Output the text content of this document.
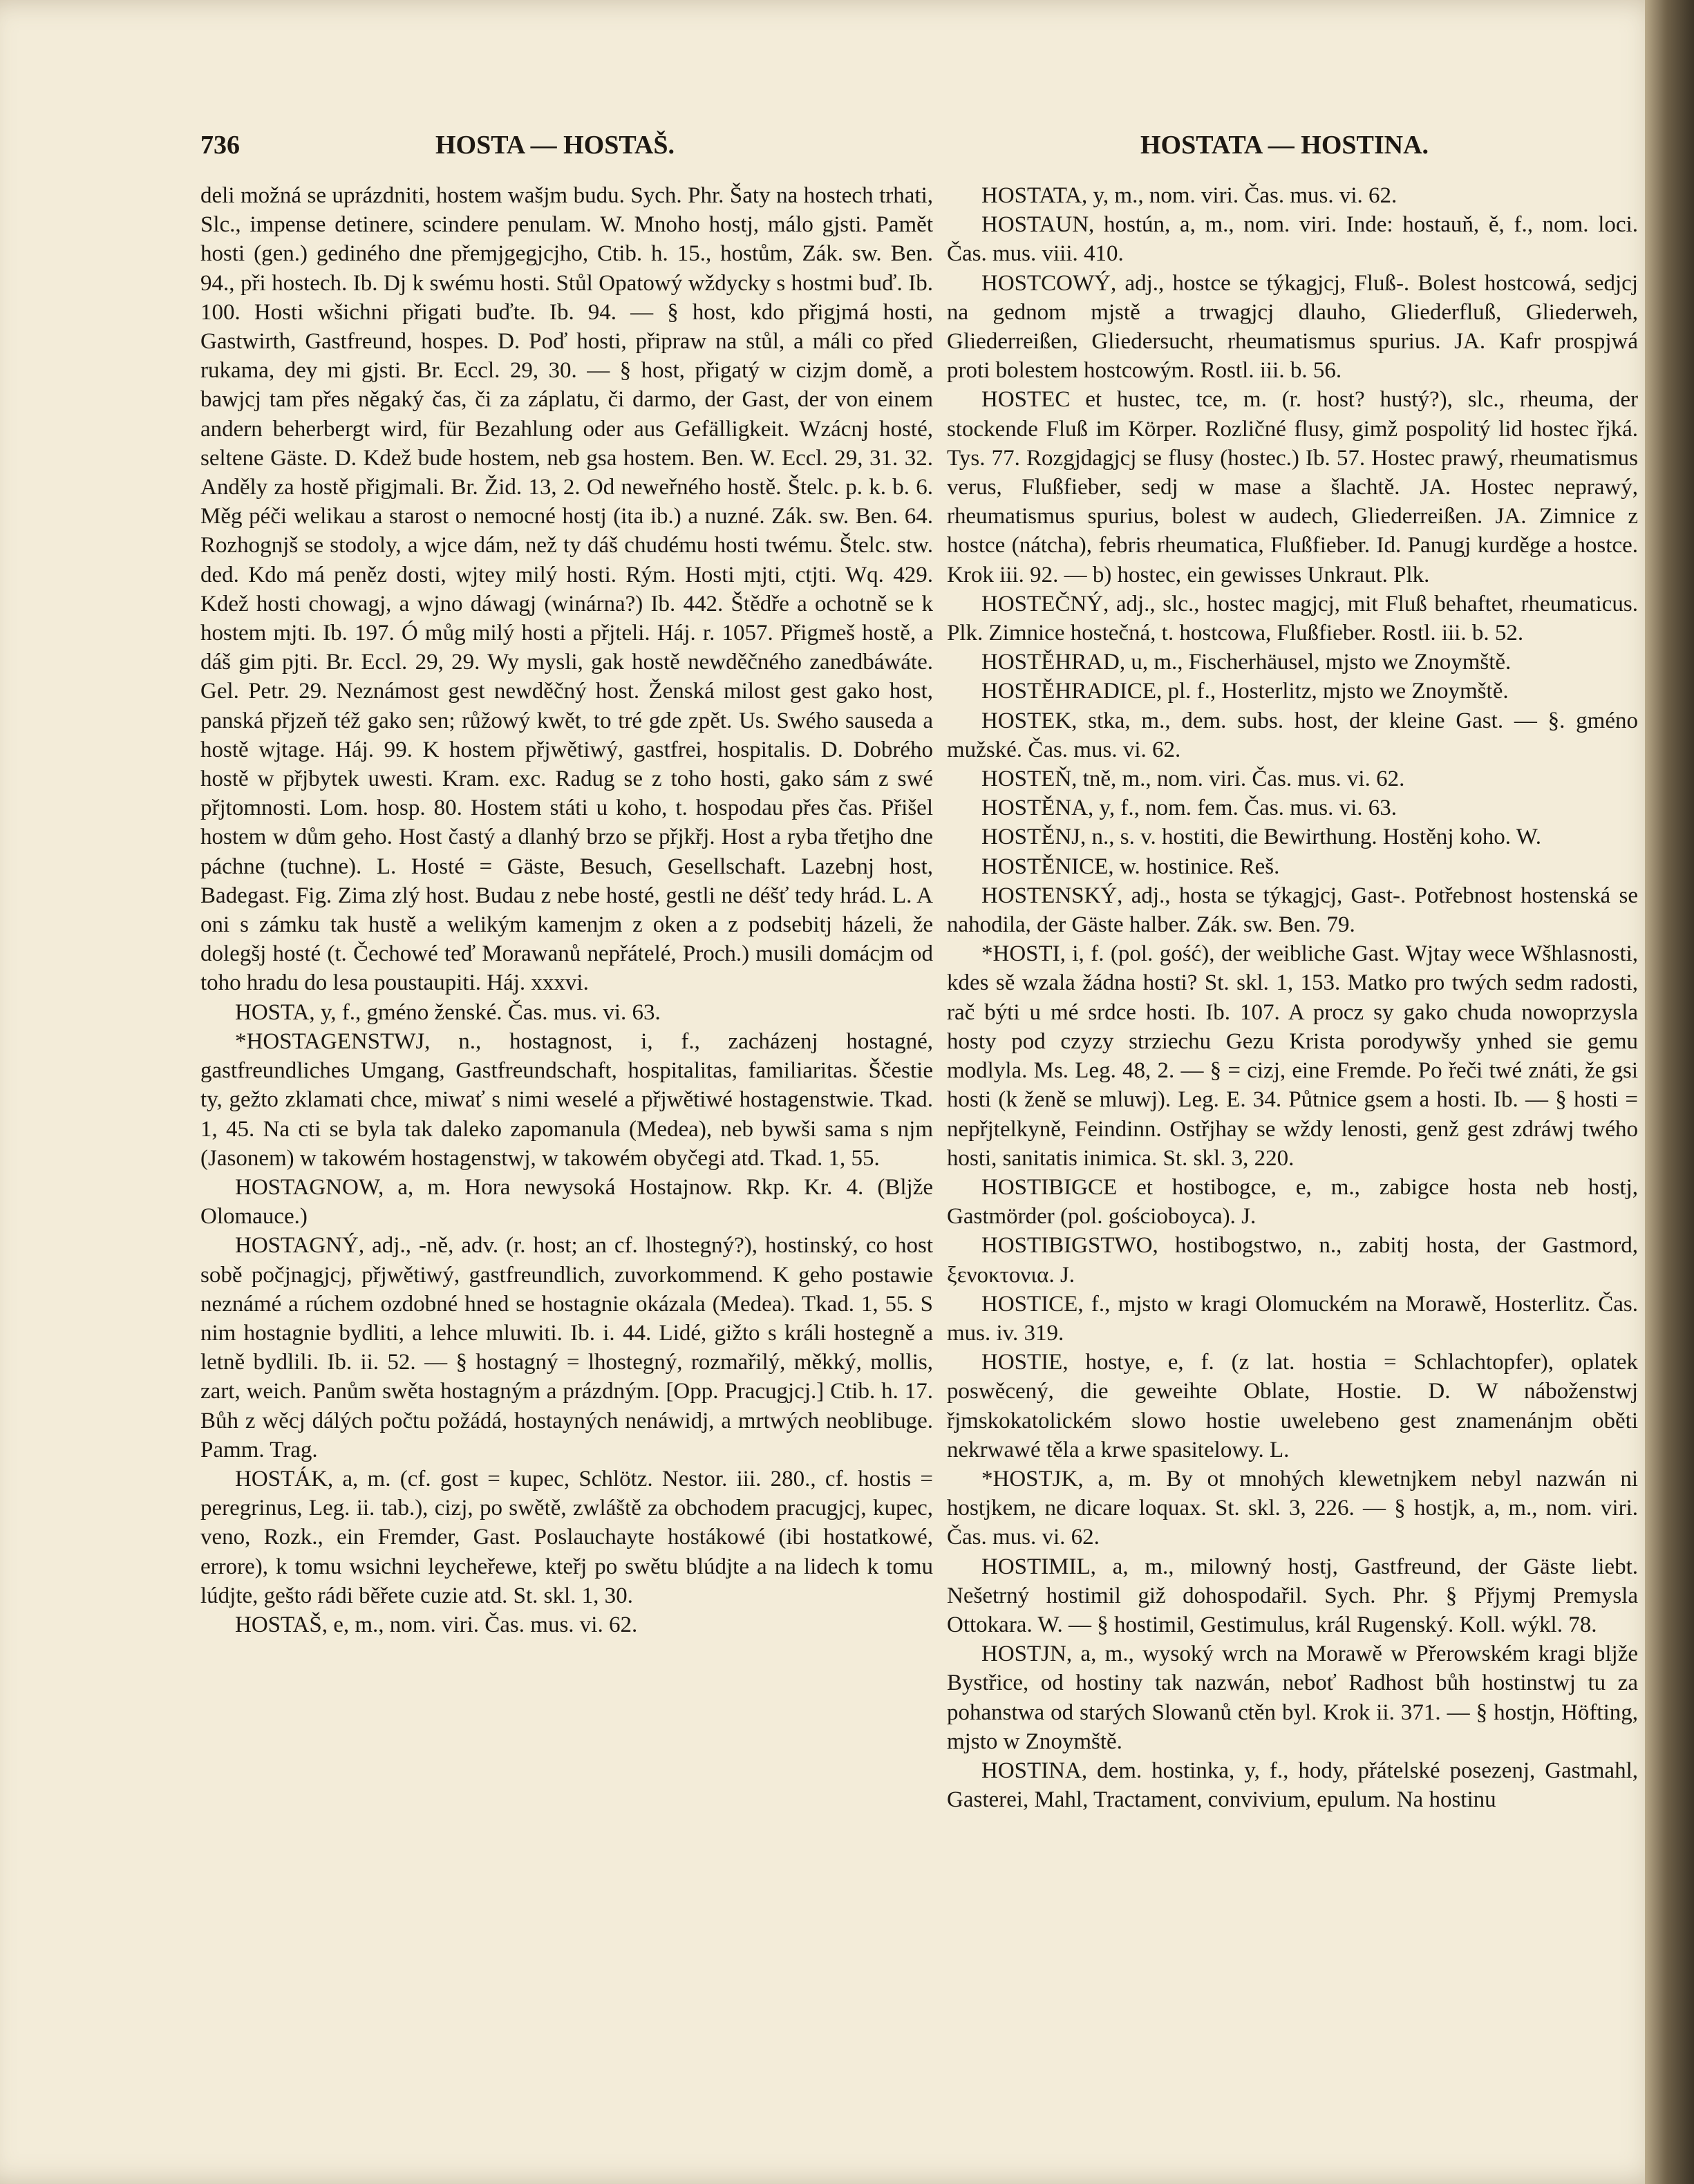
736	HOSTA — HOSTAŠ.	HOSTATA — HOSTINA.

deli možná se uprázdniti, hostem wašjm budu. Sych. Phr. Šaty na hostech trhati, Slc., impense detinere, scindere penulam. W. Mnoho hostj, málo gjsti. Pamět hosti (gen.) gediného dne přemjgegjcjho, Ctib. h. 15., hostům, Zák. sw. Ben. 94., při hostech. Ib. Dj k swému hosti. Stůl Opatowý wždycky s hostmi buď. Ib. 100. Hosti wšichni přigati buďte. Ib. 94. — § host, kdo přigjmá hosti, Gastwirth, Gastfreund, hospes. D. Poď hosti, připraw na stůl, a máli co před rukama, dey mi gjsti. Br. Eccl. 29, 30. — § host, přigatý w cizjm domě, a bawjcj tam přes něgaký čas, či za záplatu, či darmo, der Gast, der von einem andern beherbergt wird, für Bezahlung oder aus Gefälligkeit. Wzácnj hosté, seltene Gäste. D. Kdež bude hostem, neb gsa hostem. Ben. W. Eccl. 29, 31. 32. Anděly za hostě přigjmali. Br. Žid. 13, 2. Od neweřného hostě. Štelc. p. k. b. 6. Měg péči welikau a starost o nemocné hostj (ita ib.) a nuzné. Zák. sw. Ben. 64. Rozhognjš se stodoly, a wjce dám, než ty dáš chudému hosti twému. Štelc. stw. ded. Kdo má peněz dosti, wjtey milý hosti. Rým. Hosti mjti, ctjti. Wq. 429. Kdež hosti chowagj, a wjno dáwagj (winárna?) Ib. 442. Štědře a ochotně se k hostem mjti. Ib. 197. Ó můg milý hosti a přjteli. Háj. r. 1057. Přigmeš hostě, a dáš gim pjti. Br. Eccl. 29, 29. Wy mysli, gak hostě newděčného zanedbáwáte. Gel. Petr. 29. Neznámost gest newděčný host. Ženská milost gest gako host, panská přjzeň též gako sen; růžowý kwět, to tré gde zpět. Us. Swého sauseda a hostě wjtage. Háj. 99. K hostem přjwětiwý, gastfrei, hospitalis. D. Dobrého hostě w přjbytek uwesti. Kram. exc. Radug se z toho hosti, gako sám z swé přjtomnosti. Lom. hosp. 80. Hostem státi u koho, t. hospodau přes čas. Přišel hostem w dům geho. Host častý a dlanhý brzo se přjkřj. Host a ryba třetjho dne páchne (tuchne). L. Hosté = Gäste, Besuch, Gesellschaft. Lazebnj host, Badegast. Fig. Zima zlý host. Budau z nebe hosté, gestli ne déšť tedy hrád. L. A oni s zámku tak hustě a welikým kamenjm z oken a z podsebitj házeli, že dolegšj hosté (t. Čechowé teď Morawanů nepřátelé, Proch.) musili domácjm od toho hradu do lesa poustaupiti. Háj. xxxvi.

HOSTA, y, f., gméno ženské. Čas. mus. vi. 63.

*HOSTAGENSTWJ, n., hostagnost, i, f., zacházenj hostagné, gastfreundliches Umgang, Gastfreundschaft, hospitalitas, familiaritas. Ščestie ty, gežto zklamati chce, miwať s nimi weselé a přjwětiwé hostagenstwie. Tkad. 1, 45. Na cti se byla tak daleko zapomanula (Medea), neb bywši sama s njm (Jasonem) w takowém hostagenstwj, w takowém obyčegi atd. Tkad. 1, 55.

HOSTAGNOW, a, m. Hora newysoká Hostajnow. Rkp. Kr. 4. (Blјže Olomauce.)

HOSTAGNÝ, adj., -ně, adv. (r. host; an cf. lhostegný?), hostinský, co host sobě počjnagjcj, přjwětiwý, gastfreundlich, zuvorkommend. K geho postawie neznámé a rúchem ozdobné hned se hostagnie okázala (Medea). Tkad. 1, 55. S nim hostagnie bydliti, a lehce mluwiti. Ib. i. 44. Lidé, gižto s králi hostegně a letně bydlili. Ib. ii. 52. — § hostagný = lhostegný, rozmařilý, měkký, mollis, zart, weich. Panům swěta hostagným a prázdným. [Opp. Pracugjcj.] Ctib. h. 17. Bůh z wěcj dálých počtu požádá, hostayných nenáwidj, a mrtwých neoblibuge. Pamm. Trag.

HOSTÁK, a, m. (cf. gost = kupec, Schlötz. Nestor. iii. 280., cf. hostis = peregrinus, Leg. ii. tab.), cizj, po swětě, zwláště za obchodem pracugjcj, kupec, veno, Rozk., ein Fremder, Gast. Poslauchayte hostákowé (ibi hostatkowé, errore), k tomu wsichni leycheřewe, kteřj po swětu blúdjte a na lidech k tomu lúdjte, gešto rádi běřete cuzie atd. St. skl. 1, 30.

HOSTAŠ, e, m., nom. viri. Čas. mus. vi. 62.

HOSTATA, y, m., nom. viri. Čas. mus. vi. 62.

HOSTAUN, hostún, a, m., nom. viri. Inde: hostauň, ě, f., nom. loci. Čas. mus. viii. 410.

HOSTCOWÝ, adj., hostce se týkagjcj, Fluß-. Bolest hostcowá, sedjcj na gednom mjstě a trwagjcj dlauho, Gliederfluß, Gliederweh, Gliederreißen, Gliedersucht, rheumatismus spurius. JA. Kafr prospjwá proti bolestem hostcowým. Rostl. iii. b. 56.

HOSTEC et hustec, tce, m. (r. host? hustý?), slc., rheuma, der stockende Fluß im Körper. Rozličné flusy, gimž pospolitý lid hostec řjká. Tys. 77. Rozgjdagjcj se flusy (hostec.) Ib. 57. Hostec prawý, rheumatismus verus, Flußfieber, sedj w mase a šlachtě. JA. Hostec neprawý, rheumatismus spurius, bolest w audech, Gliederreißen. JA. Zimnice z hostce (nátcha), febris rheumatica, Flußfieber. Id. Panugj kurděge a hostce. Krok iii. 92. — b) hostec, ein gewisses Unkraut. Plk.

HOSTEČNÝ, adj., slc., hostec magjcj, mit Fluß behaftet, rheumaticus. Plk. Zimnice hostečná, t. hostcowa, Flußfieber. Rostl. iii. b. 52.

HOSTĚHRAD, u, m., Fischerhäusel, mjsto we Znoymště.

HOSTĚHRADICE, pl. f., Hosterlitz, mjsto we Znoymště.

HOSTEK, stka, m., dem. subs. host, der kleine Gast. — §. gméno mužské. Čas. mus. vi. 62.

HOSTEŇ, tně, m., nom. viri. Čas. mus. vi. 62.

HOSTĚNA, y, f., nom. fem. Čas. mus. vi. 63.

HOSTĚNJ, n., s. v. hostiti, die Bewirthung. Hostěnj koho. W.

HOSTĚNICE, w. hostinice. Reš.

HOSTENSKÝ, adj., hosta se týkagjcj, Gast-. Potřebnost hostenská se nahodila, der Gäste halber. Zák. sw. Ben. 79.

*HOSTI, i, f. (pol. gość), der weibliche Gast. Wjtay wece Wšhlasnosti, kdes sě wzala žádna hosti? St. skl. 1, 153. Matko pro twých sedm radosti, rač býti u mé srdce hosti. Ib. 107. A procz sy gako chuda nowoprzysla hosty pod czyzy strziechu Gezu Krista porodywšy ynhed sie gemu modlyla. Ms. Leg. 48, 2. — § = cizj, eine Fremde. Po řeči twé znáti, že gsi hosti (k ženě se mluwj). Leg. E. 34. Půtnice gsem a hosti. Ib. — § hosti = nepřjtelkyně, Feindinn. Ostřjhay se wždy lenosti, genž gest zdráwj twého hosti, sanitatis inimica. St. skl. 3, 220.

HOSTIBIGCE et hostibogce, e, m., zabigce hosta neb hostj, Gastmörder (pol. gościoboyca). J.

HOSTIBIGSTWO, hostibogstwo, n., zabitj hosta, der Gastmord, ξενοκτονια. J.

HOSTICE, f., mjsto w kragi Olomuckém na Morawě, Hosterlitz. Čas. mus. iv. 319.

HOSTIE, hostye, e, f. (z lat. hostia = Schlachtopfer), oplatek poswěcený, die geweihte Oblate, Hostie. D. W náboženstwj řjmskokatolickém slowo hostie uwelebeno gest znamenánjm oběti nekrwawé těla a krwe spasitelowy. L.

*HOSTJK, a, m. By ot mnohých klewetnjkem nebyl nazwán ni hostjkem, ne dicare loquax. St. skl. 3, 226. — § hostjk, a, m., nom. viri. Čas. mus. vi. 62.

HOSTIMIL, a, m., milowný hostj, Gastfreund, der Gäste liebt. Nešetrný hostimil giž dohospodařil. Sych. Phr. § Přjymj Premysla Ottokara. W. — § hostimil, Gestimulus, král Rugenský. Koll. wýkl. 78.

HOSTJN, a, m., wysoký wrch na Morawě w Přerowském kragi blјže Bystřice, od hostiny tak nazwán, neboť Radhost bůh hostinstwj tu za pohanstwa od starých Slowanů ctěn byl. Krok ii. 371. — § hostjn, Höfting, mjsto w Znoymště.

HOSTINA, dem. hostinka, y, f., hody, přátelské posezenj, Gastmahl, Gasterei, Mahl, Tractament, convivium, epulum. Na hostinu
